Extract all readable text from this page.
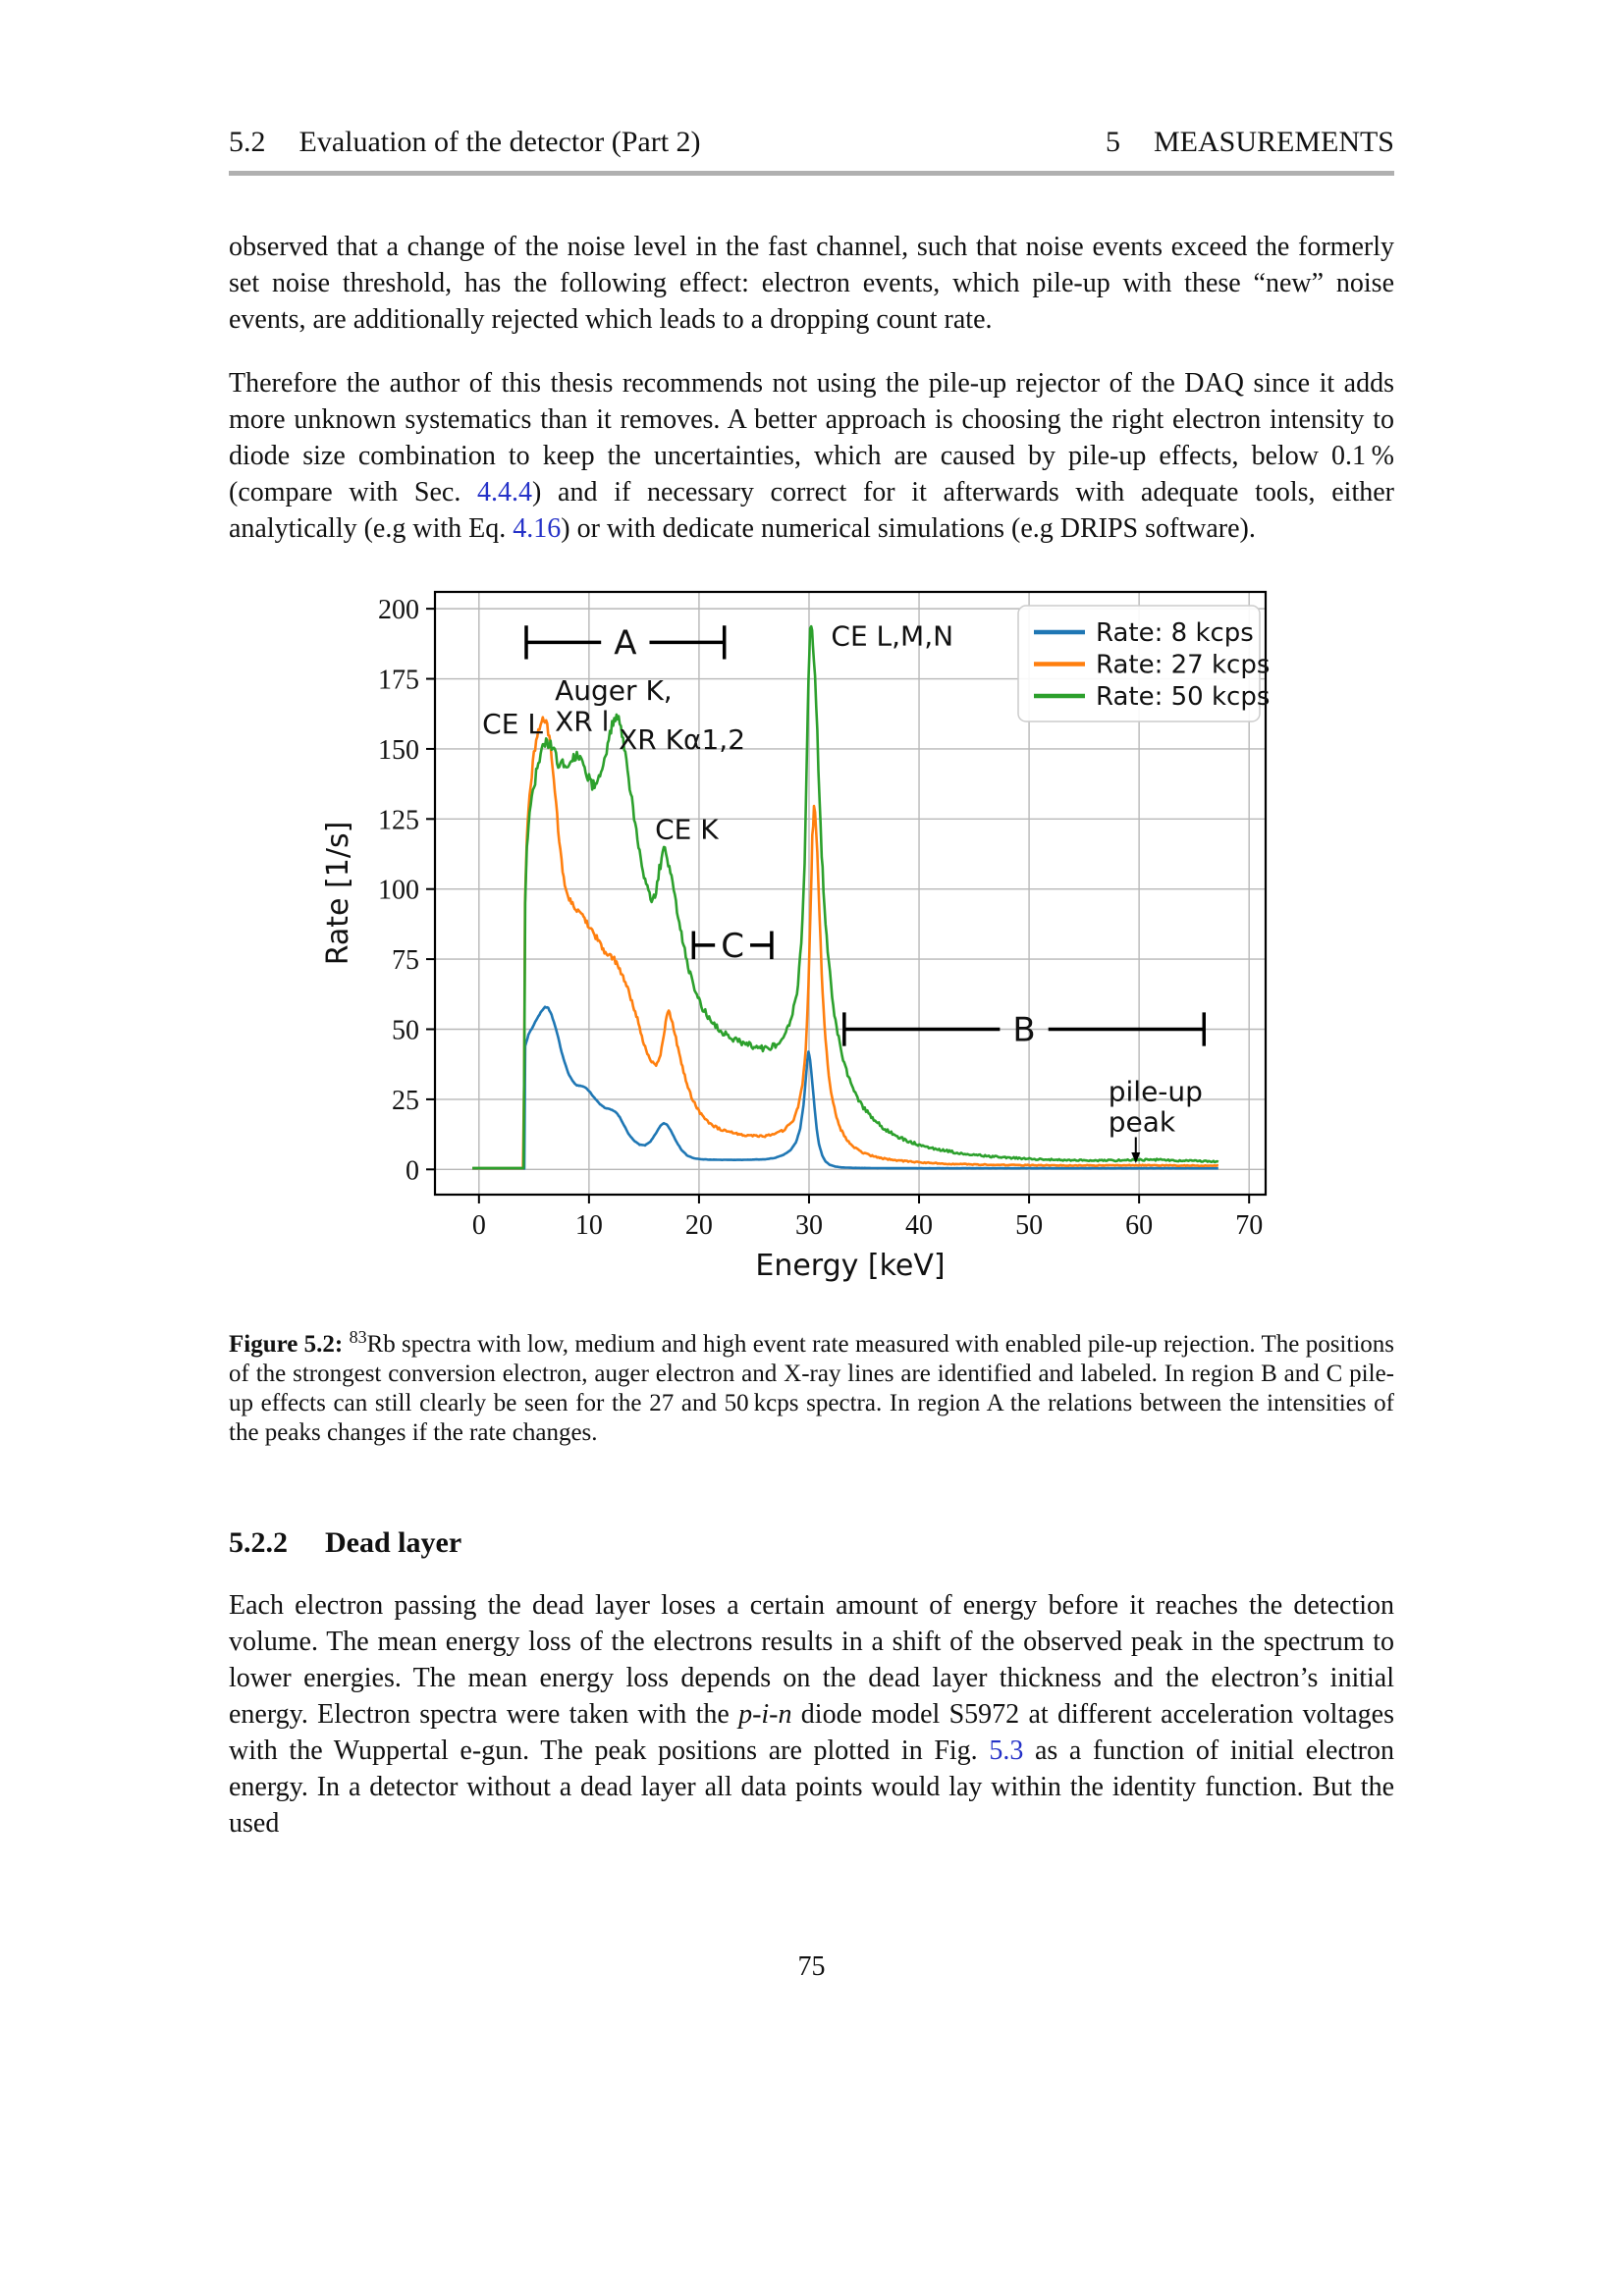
5.2 Evaluation of the detector (Part 2)	5 MEASUREMENTS

observed that a change of the noise level in the fast channel, such that noise events exceed the formerly set noise threshold, has the following effect: electron events, which pile-up with these “new” noise events, are additionally rejected which leads to a dropping count rate.

Therefore the author of this thesis recommends not using the pile-up rejector of the DAQ since it adds more unknown systematics than it removes. A better approach is choosing the right electron intensity to diode size combination to keep the uncertainties, which are caused by pile-up effects, below 0.1 % (compare with Sec. 4.4.4) and if necessary correct for it afterwards with adequate tools, either analytically (e.g with Eq. 4.16) or with dedicate numerical simulations (e.g DRIPS software).

0	10	20	30	40	50	60	70
0
25
50
75
100
125
150
175
200
Energy [keV]
Rate [1/s]
CE L
Auger K,
XR l
XR Kα1,2
CE K
CE L,M,N
pile-up
peak
A
B
C
Rate: 8 kcps
Rate: 27 kcps
Rate: 50 kcps
Figure 5.2: $^{83}$Rb spectra with low, medium and high event rate measured with enabled pile-up rejection. The positions of the strongest conversion electron, auger electron and X-ray lines are identified and labeled. In region B and C pile-up effects can still clearly be seen for the 27 and 50 kcps spectra. In region A the relations between the intensities of the peaks changes if the rate changes.
5.2.2 Dead layer

Each electron passing the dead layer loses a certain amount of energy before it reaches the detection volume. The mean energy loss of the electrons results in a shift of the observed peak in the spectrum to lower energies. The mean energy loss depends on the dead layer thickness and the electron’s initial energy. Electron spectra were taken with the p-i-n diode model S5972 at different acceleration voltages with the Wuppertal e-gun. The peak positions are plotted in Fig. 5.3 as a function of initial electron energy. In a detector without a dead layer all data points would lay within the identity function. But the used

75
